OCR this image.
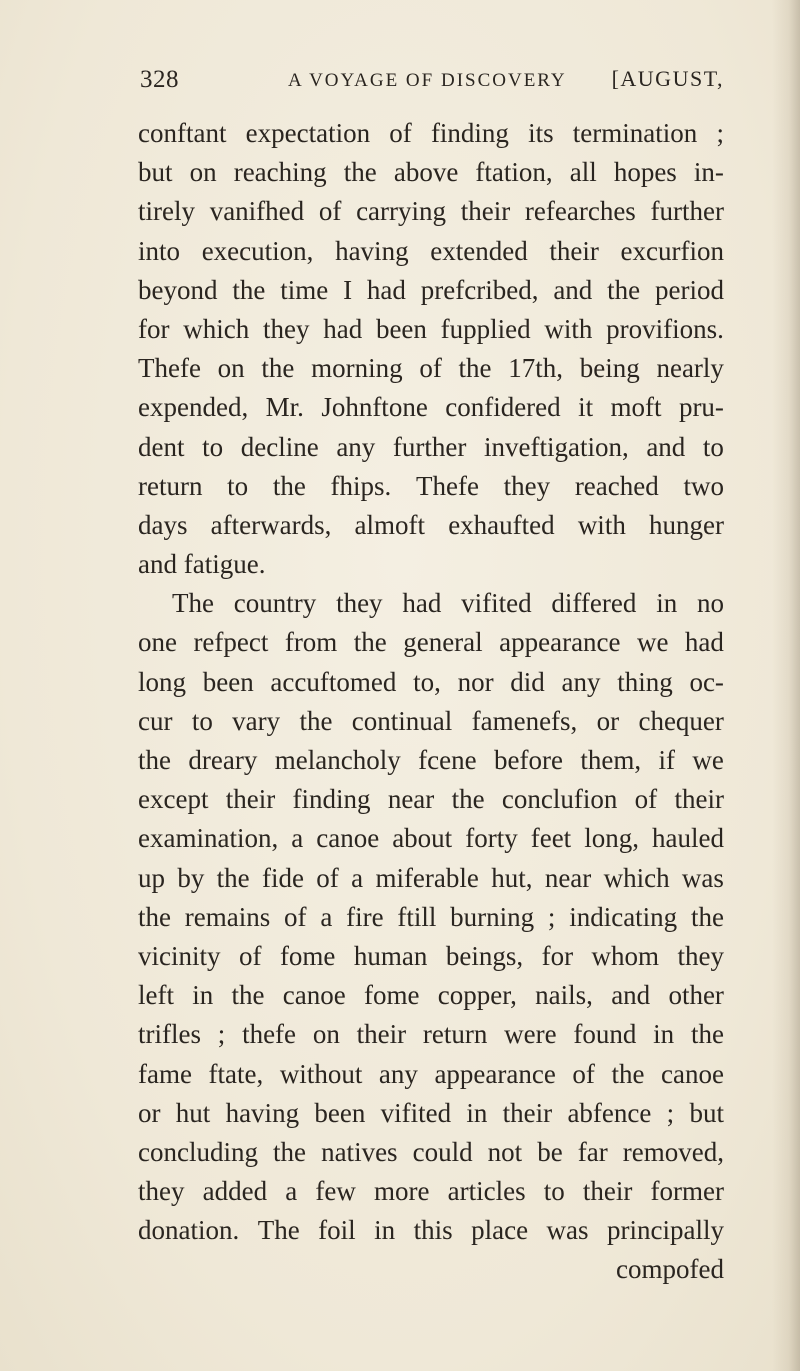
328	A VOYAGE OF DISCOVERY [AUGUST,
conftant expectation of finding its termination ;
but on reaching the above ftation, all hopes in-
tirely vanifhed of carrying their refearches further
into execution, having extended their excurfion
beyond the time I had prefcribed, and the period
for which they had been fupplied with provifions.
Thefe on the morning of the 17th, being nearly
expended, Mr. Johnftone confidered it moft pru-
dent to decline any further inveftigation, and to
return to the fhips. Thefe they reached two
days afterwards, almoft exhaufted with hunger
and fatigue.
The country they had vifited differed in no
one refpect from the general appearance we had
long been accuftomed to, nor did any thing oc-
cur to vary the continual famenefs, or chequer
the dreary melancholy fcene before them, if we
except their finding near the conclufion of their
examination, a canoe about forty feet long, hauled
up by the fide of a miferable hut, near which was
the remains of a fire ftill burning ; indicating the
vicinity of fome human beings, for whom they
left in the canoe fome copper, nails, and other
trifles ; thefe on their return were found in the
fame ftate, without any appearance of the canoe
or hut having been vifited in their abfence ; but
concluding the natives could not be far removed,
they added a few more articles to their former
donation. The foil in this place was principally
compofed
